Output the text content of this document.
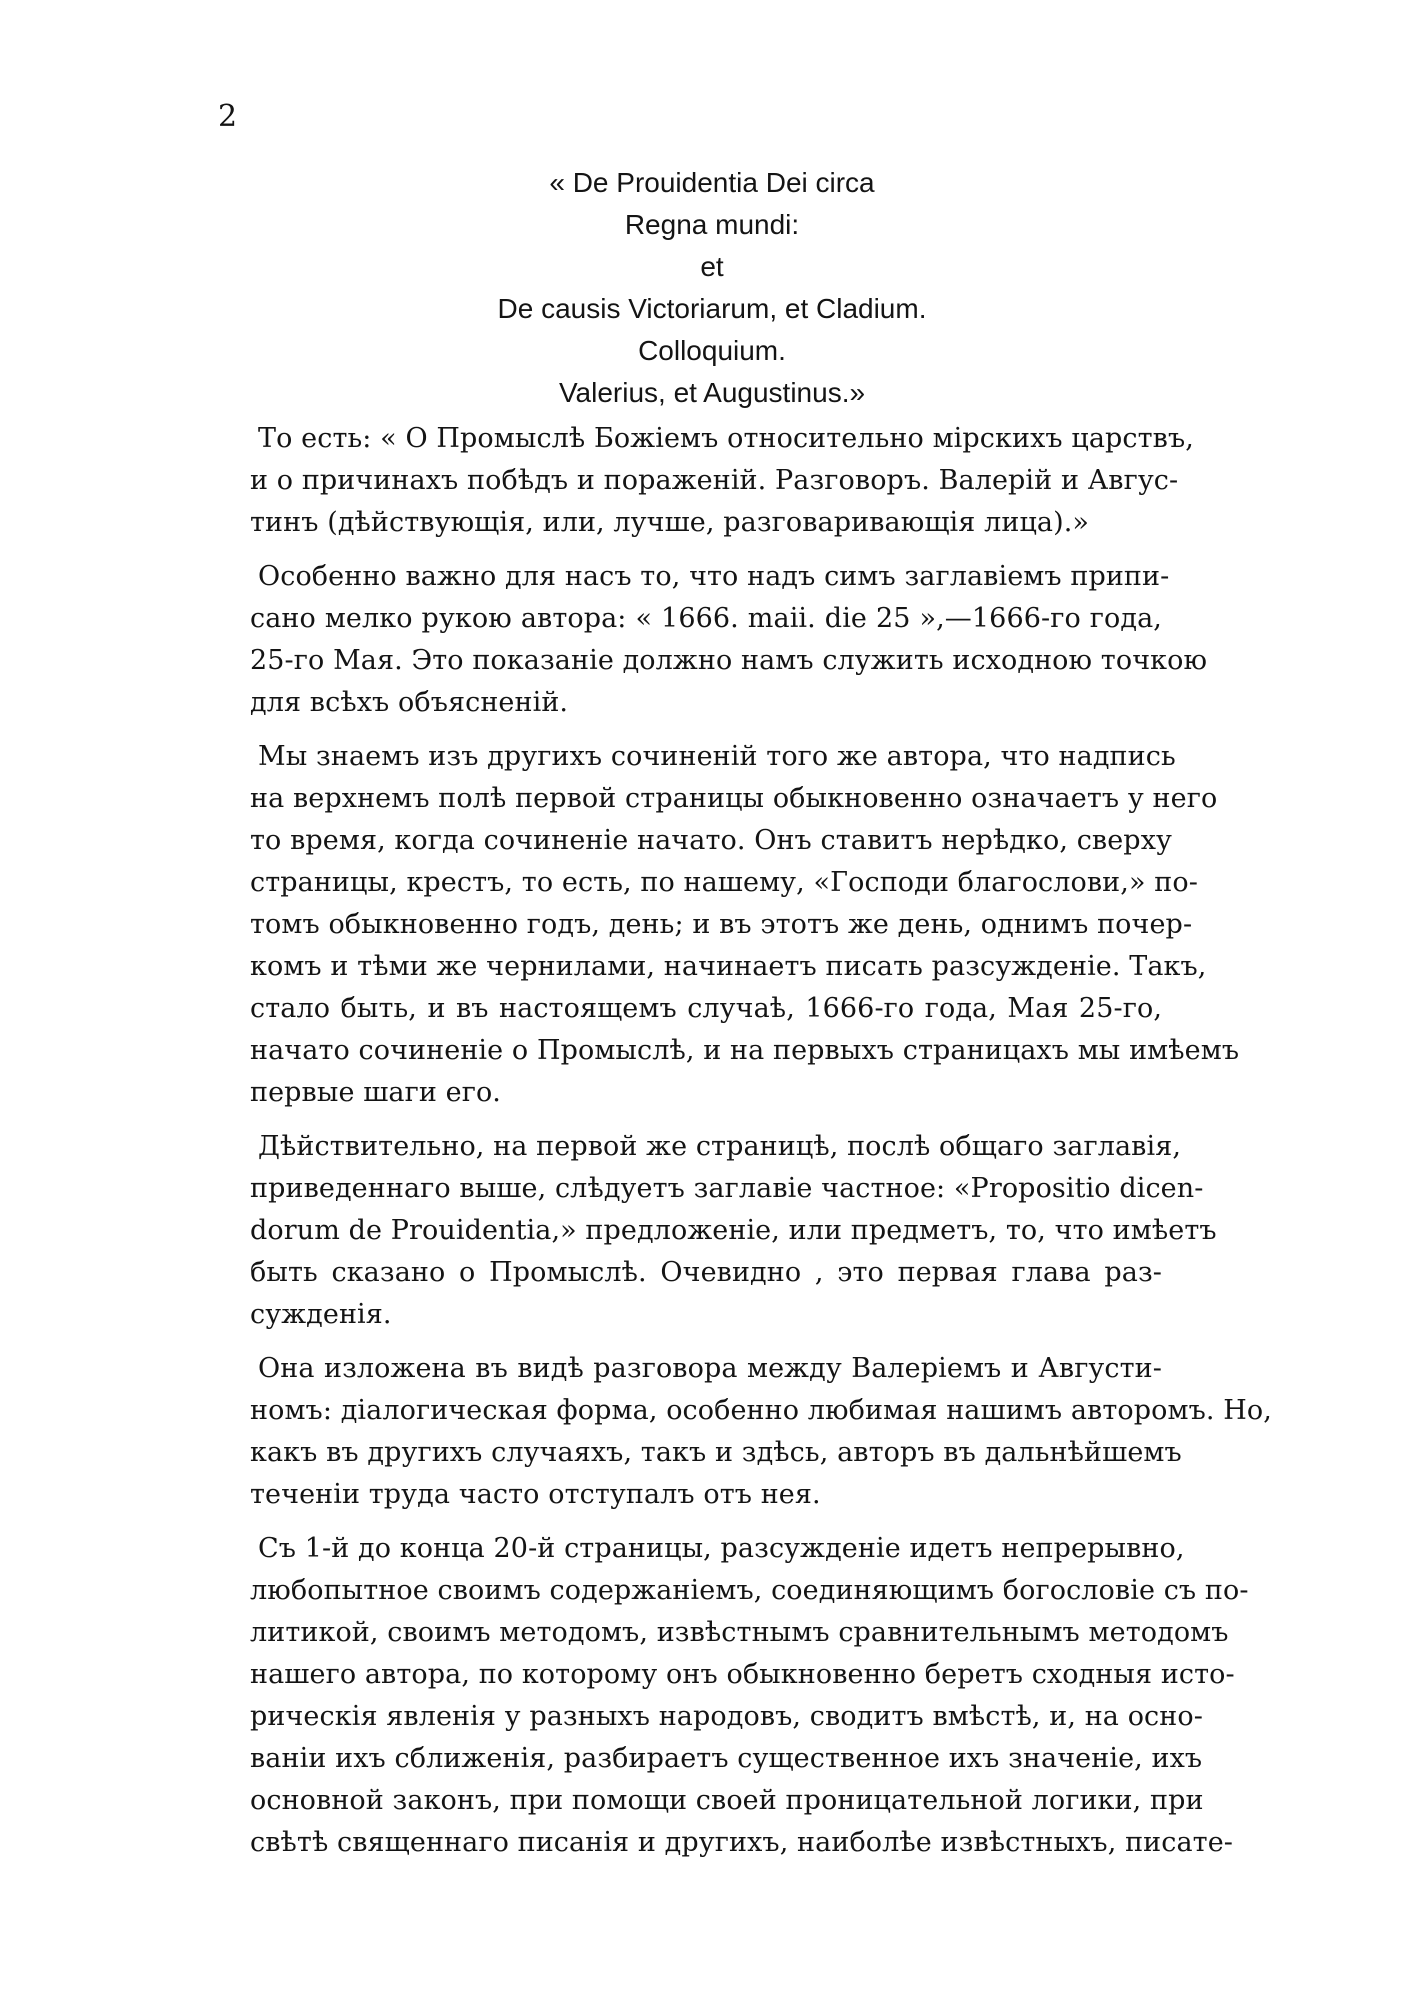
2
« De Prouidentia Dei circa
Regna mundi:
et
De causis Victoriarum, et Cladium.
Colloquium.
Valerius, et Augustinus.»
То есть: « О Промыслѣ Божіемъ относительно мірскихъ царствъ,
и о причинахъ побѣдъ и пораженій. Разговоръ. Валерій и Авгус-
тинъ (дѣйствующія, или, лучше, разговаривающія лица).»
Особенно важно для насъ то, что надъ симъ заглавіемъ припи-
сано мелко рукою автора: « 1666. maii. die 25 »,—1666-го года,
25-го Мая. Это показаніе должно намъ служить исходною точкою
для всѣхъ объясненій.
Мы знаемъ изъ другихъ сочиненій того же автора, что надпись
на верхнемъ полѣ первой страницы обыкновенно означаетъ у него
то время, когда сочиненіе начато. Онъ ставитъ нерѣдко, сверху
страницы, крестъ, то есть, по нашему, «Господи благослови,» по-
томъ обыкновенно годъ, день; и въ этотъ же день, однимъ почер-
комъ и тѣми же чернилами, начинаетъ писать разсужденіе. Такъ,
стало быть, и въ настоящемъ случаѣ, 1666-го года, Мая 25-го,
начато сочиненіе о Промыслѣ, и на первыхъ страницахъ мы имѣемъ
первые шаги его.
Дѣйствительно, на первой же страницѣ, послѣ общаго заглавія,
приведеннаго выше, слѣдуетъ заглавіе частное: «Propositio dicen-
dorum de Prouidentia,» предложеніе, или предметъ, то, что имѣетъ
быть сказано о Промыслѣ. Очевидно , это первая глава раз-
сужденія.
Она изложена въ видѣ разговора между Валеріемъ и Августи-
номъ: діалогическая форма, особенно любимая нашимъ авторомъ. Но,
какъ въ другихъ случаяхъ, такъ и здѣсь, авторъ въ дальнѣйшемъ
теченіи труда часто отступалъ отъ нея.
Съ 1-й до конца 20-й страницы, разсужденіе идетъ непрерывно,
любопытное своимъ содержаніемъ, соединяющимъ богословіе съ по-
литикой, своимъ методомъ, извѣстнымъ сравнительнымъ методомъ
нашего автора, по которому онъ обыкновенно беретъ сходныя исто-
рическія явленія у разныхъ народовъ, сводитъ вмѣстѣ, и, на осно-
ваніи ихъ сближенія, разбираетъ существенное ихъ значеніе, ихъ
основной законъ, при помощи своей проницательной логики, при
свѣтѣ священнаго писанія и другихъ, наиболѣе извѣстныхъ, писате-
